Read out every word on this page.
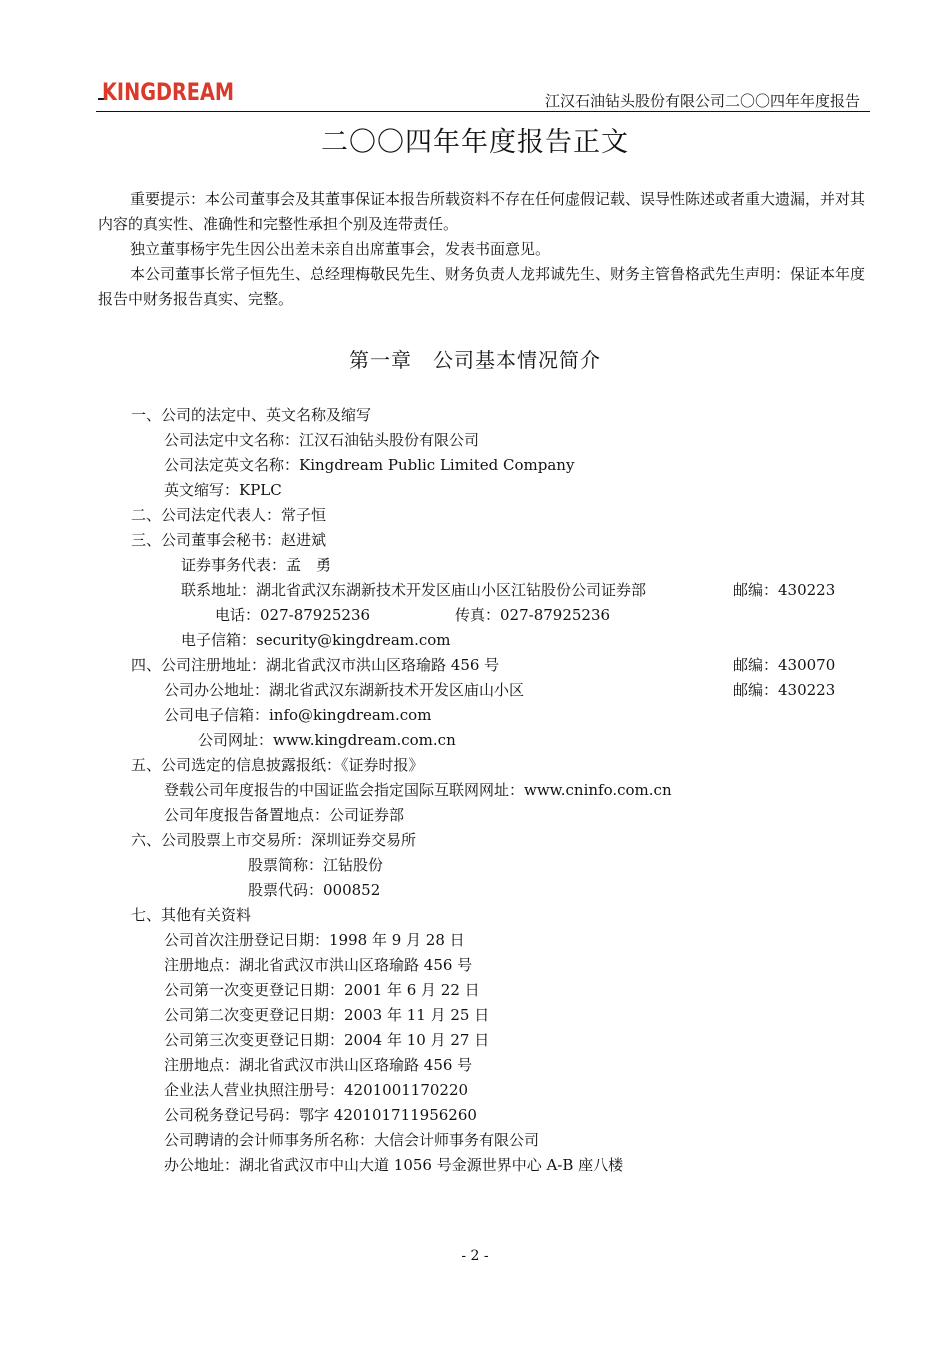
KINGDREAM	江汉石油钻头股份有限公司二〇〇四年年度报告
二〇〇四年年度报告正文
重要提示：本公司董事会及其董事保证本报告所载资料不存在任何虚假记载、误导性陈述或者重大遗漏，并对其内容的真实性、准确性和完整性承担个别及连带责任。
独立董事杨宇先生因公出差未亲自出席董事会，发表书面意见。
本公司董事长常子恒先生、总经理梅敬民先生、财务负责人龙邦诚先生、财务主管鲁格武先生声明：保证本年度报告中财务报告真实、完整。
第一章　公司基本情况简介
一、公司的法定中、英文名称及缩写
公司法定中文名称：江汉石油钻头股份有限公司
公司法定英文名称：Kingdream Public Limited Company
英文缩写：KPLC
二、公司法定代表人：常子恒
三、公司董事会秘书：赵进斌
证券事务代表：孟　勇
联系地址：湖北省武汉东湖新技术开发区庙山小区江钻股份公司证券部	邮编：430223
电话：027-87925236	传真：027-87925236
电子信箱：security@kingdream.com
四、公司注册地址：湖北省武汉市洪山区珞瑜路 456 号	邮编：430070
公司办公地址：湖北省武汉东湖新技术开发区庙山小区	邮编：430223
公司电子信箱：info@kingdream.com
公司网址：www.kingdream.com.cn
五、公司选定的信息披露报纸：《证券时报》
登载公司年度报告的中国证监会指定国际互联网网址：www.cninfo.com.cn
公司年度报告备置地点：公司证券部
六、公司股票上市交易所：深圳证券交易所
股票简称：江钻股份
股票代码：000852
七、其他有关资料
公司首次注册登记日期：1998 年 9 月 28 日
注册地点：湖北省武汉市洪山区珞瑜路 456 号
公司第一次变更登记日期：2001 年 6 月 22 日
公司第二次变更登记日期：2003 年 11 月 25 日
公司第三次变更登记日期：2004 年 10 月 27 日
注册地点：湖北省武汉市洪山区珞瑜路 456 号
企业法人营业执照注册号：4201001170220
公司税务登记号码：鄂字 420101711956260
公司聘请的会计师事务所名称：大信会计师事务有限公司
办公地址：湖北省武汉市中山大道 1056 号金源世界中心 A-B 座八楼
- 2 -
